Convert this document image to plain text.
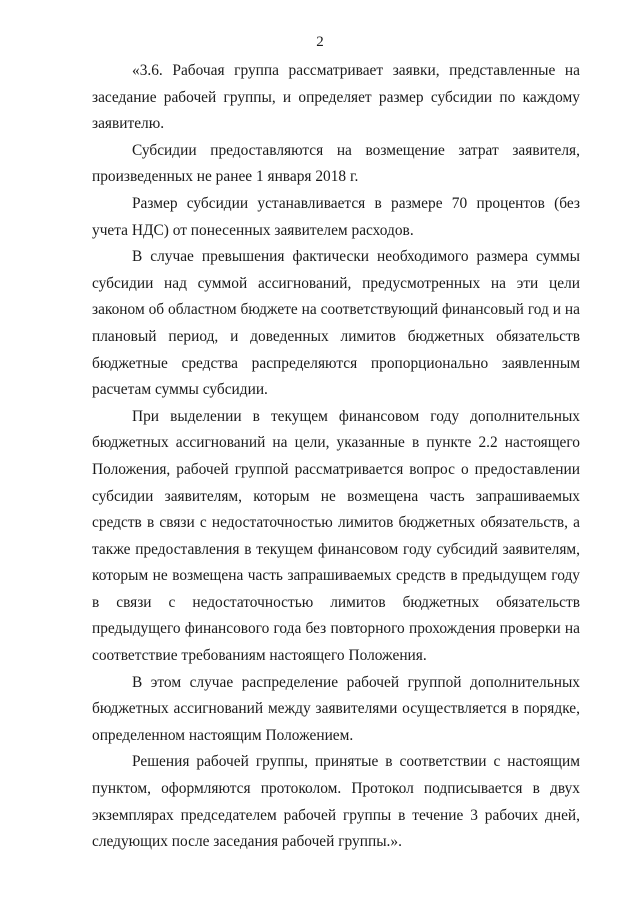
2

«3.6. Рабочая группа рассматривает заявки, представленные на заседание рабочей группы, и определяет размер субсидии по каждому заявителю.

Субсидии предоставляются на возмещение затрат заявителя, произведенных не ранее 1 января 2018 г.

Размер субсидии устанавливается в размере 70 процентов (без учета НДС) от понесенных заявителем расходов.

В случае превышения фактически необходимого размера суммы субсидии над суммой ассигнований, предусмотренных на эти цели законом об областном бюджете на соответствующий финансовый год и на плановый период, и доведенных лимитов бюджетных обязательств бюджетные средства распределяются пропорционально заявленным расчетам суммы субсидии.

При выделении в текущем финансовом году дополнительных бюджетных ассигнований на цели, указанные в пункте 2.2 настоящего Положения, рабочей группой рассматривается вопрос о предоставлении субсидии заявителям, которым не возмещена часть запрашиваемых средств в связи с недостаточностью лимитов бюджетных обязательств, а также предоставления в текущем финансовом году субсидий заявителям, которым не возмещена часть запрашиваемых средств в предыдущем году в связи с недостаточностью лимитов бюджетных обязательств предыдущего финансового года без повторного прохождения проверки на соответствие требованиям настоящего Положения.

В этом случае распределение рабочей группой дополнительных бюджетных ассигнований между заявителями осуществляется в порядке, определенном настоящим Положением.

Решения рабочей группы, принятые в соответствии с настоящим пунктом, оформляются протоколом. Протокол подписывается в двух экземплярах председателем рабочей группы в течение 3 рабочих дней, следующих после заседания рабочей группы.».
